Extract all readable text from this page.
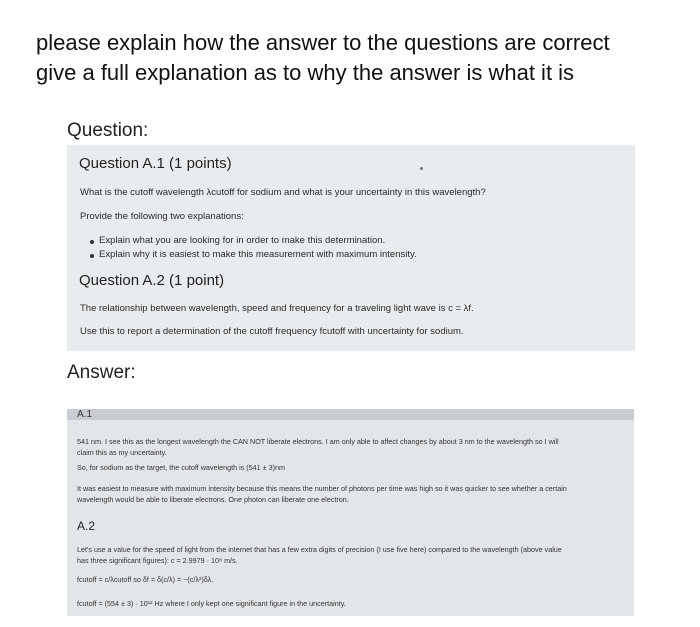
please explain how the answer to the questions are correct
give a full explanation as to why the answer is what it is
Question:
Question A.1 (1 points)
What is the cutoff wavelength λcutoff for sodium and what is your uncertainty in this wavelength?
Provide the following two explanations:
Explain what you are looking for in order to make this determination.
Explain why it is easiest to make this measurement with maximum intensity.
Question A.2 (1 point)
The relationship between wavelength, speed and frequency for a traveling light wave is c = λf.
Use this to report a determination of the cutoff frequency fcutoff with uncertainty for sodium.
Answer:
A.1
541 nm. I see this as the longest wavelength the CAN NOT liberate electrons. I am only able to affect changes by about 3 nm to the wavelength so I will
claim this as my uncertainty.
So, for sodium as the target, the cutoff wavelength is (541 ± 3)nm
It was easiest to measure with maximum intensity because this means the number of photons per time was high so it was quicker to see whether a certain
wavelength would be able to liberate electrons. One photon can liberate one electron.
A.2
Let's use a value for the speed of light from the internet that has a few extra digits of precision (I use five here) compared to the wavelength (above value
has three significant figures): c = 2.9979 · 10⁸ m/s.
fcutoff = c/λcutoff so δf = δ(c/λ) = −(c/λ²)δλ.
fcutoff = (554 ± 3) · 10¹² Hz where I only kept one significant figure in the uncertainty.
